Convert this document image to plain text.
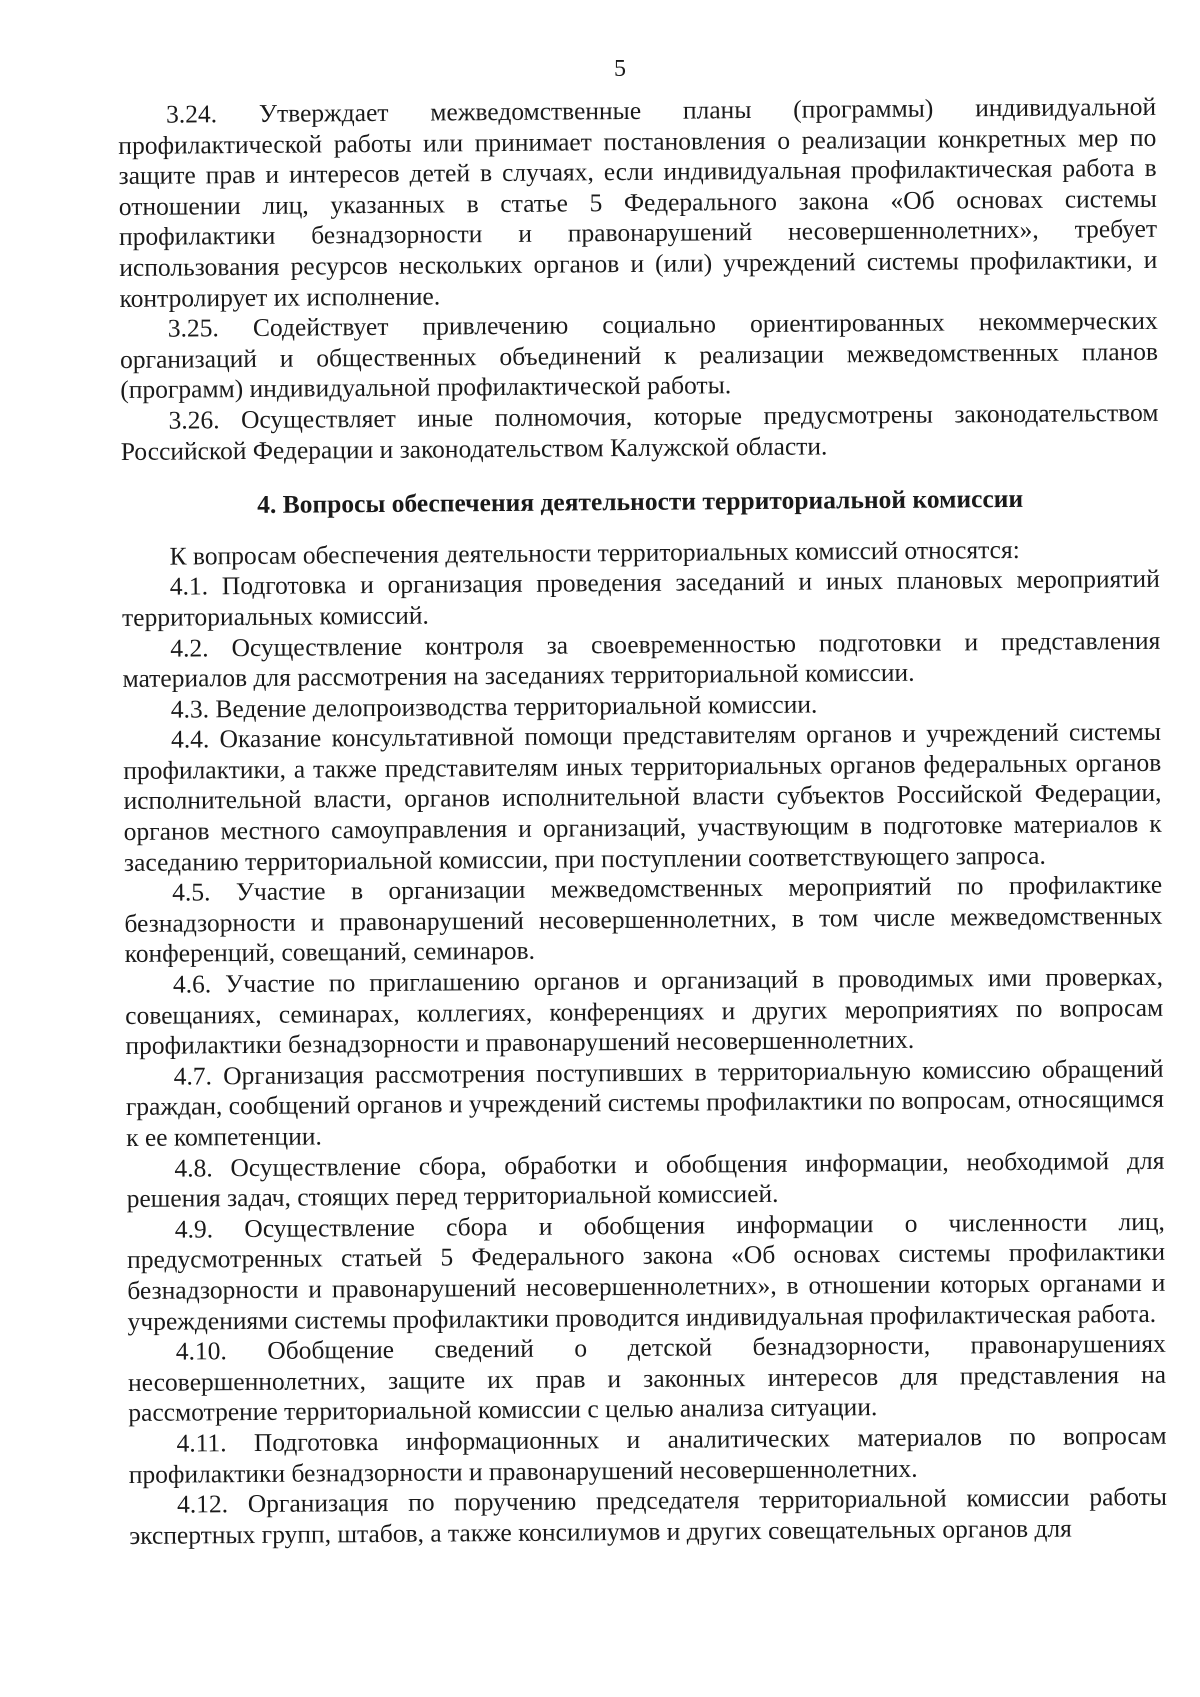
5

3.24. Утверждает межведомственные планы (программы) индивидуальной профилактической работы или принимает постановления о реализации конкретных мер по защите прав и интересов детей в случаях, если индивидуальная профилактическая работа в отношении лиц, указанных в статье 5 Федерального закона «Об основах системы профилактики безнадзорности и правонарушений несовершеннолетних», требует использования ресурсов нескольких органов и (или) учреждений системы профилактики, и контролирует их исполнение.

3.25. Содействует привлечению социально ориентированных некоммерческих организаций и общественных объединений к реализации межведомственных планов (программ) индивидуальной профилактической работы.

3.26. Осуществляет иные полномочия, которые предусмотрены законодательством Российской Федерации и законодательством Калужской области.

4. Вопросы обеспечения деятельности территориальной комиссии

К вопросам обеспечения деятельности территориальных комиссий относятся:

4.1. Подготовка и организация проведения заседаний и иных плановых мероприятий территориальных комиссий.

4.2. Осуществление контроля за своевременностью подготовки и представления материалов для рассмотрения на заседаниях территориальной комиссии.

4.3. Ведение делопроизводства территориальной комиссии.

4.4. Оказание консультативной помощи представителям органов и учреждений системы профилактики, а также представителям иных территориальных органов федеральных органов исполнительной власти, органов исполнительной власти субъектов Российской Федерации, органов местного самоуправления и организаций, участвующим в подготовке материалов к заседанию территориальной комиссии, при поступлении соответствующего запроса.

4.5. Участие в организации межведомственных мероприятий по профилактике безнадзорности и правонарушений несовершеннолетних, в том числе межведомственных конференций, совещаний, семинаров.

4.6. Участие по приглашению органов и организаций в проводимых ими проверках, совещаниях, семинарах, коллегиях, конференциях и других мероприятиях по вопросам профилактики безнадзорности и правонарушений несовершеннолетних.

4.7. Организация рассмотрения поступивших в территориальную комиссию обращений граждан, сообщений органов и учреждений системы профилактики по вопросам, относящимся к ее компетенции.

4.8. Осуществление сбора, обработки и обобщения информации, необходимой для решения задач, стоящих перед территориальной комиссией.

4.9. Осуществление сбора и обобщения информации о численности лиц, предусмотренных статьей 5 Федерального закона «Об основах системы профилактики безнадзорности и правонарушений несовершеннолетних», в отношении которых органами и учреждениями системы профилактики проводится индивидуальная профилактическая работа.

4.10. Обобщение сведений о детской безнадзорности, правонарушениях несовершеннолетних, защите их прав и законных интересов для представления на рассмотрение территориальной комиссии с целью анализа ситуации.

4.11. Подготовка информационных и аналитических материалов по вопросам профилактики безнадзорности и правонарушений несовершеннолетних.

4.12. Организация по поручению председателя территориальной комиссии работы экспертных групп, штабов, а также консилиумов и других совещательных органов для
